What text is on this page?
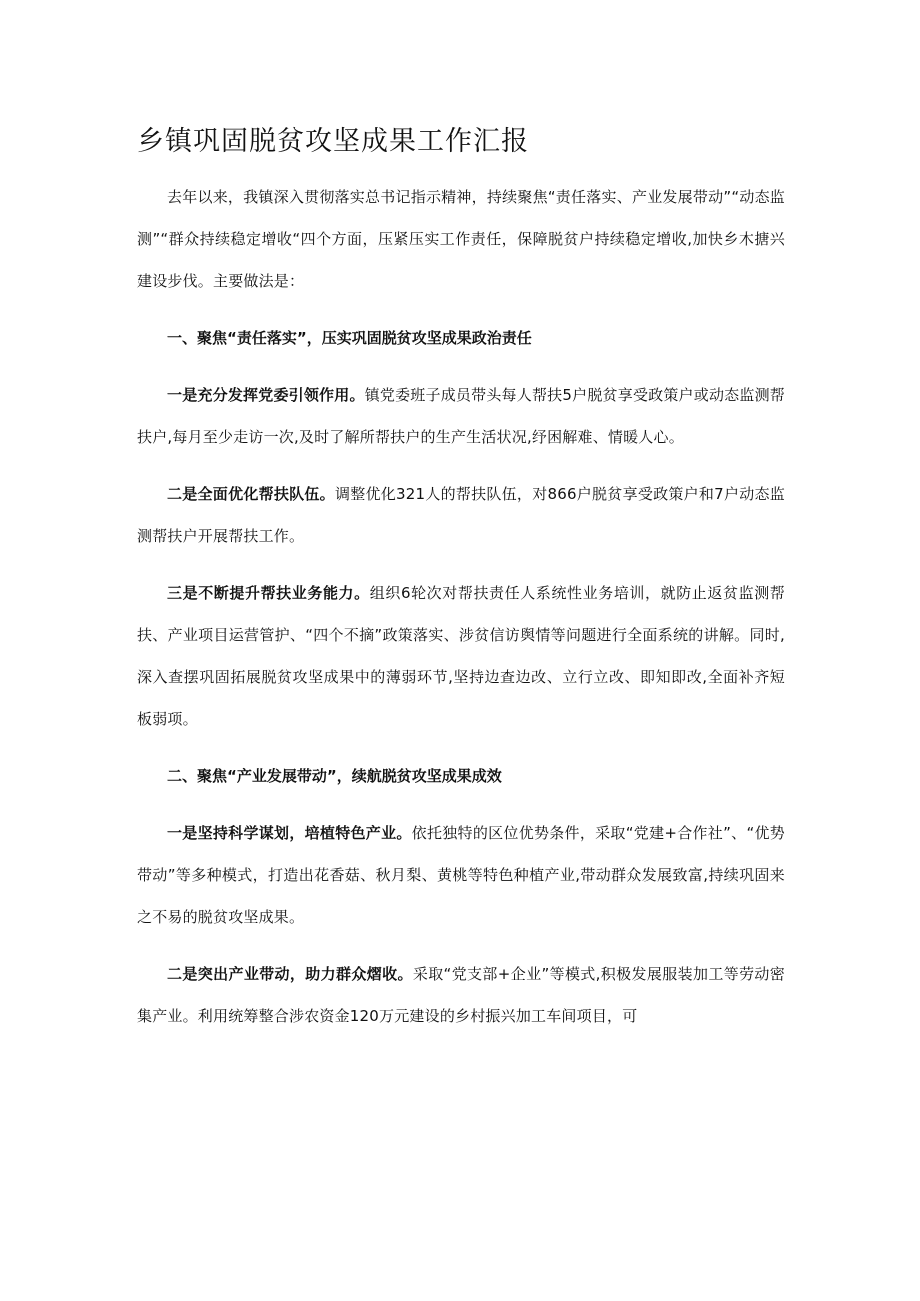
乡镇巩固脱贫攻坚成果工作汇报

去年以来，我镇深入贯彻落实总书记指示精神，持续聚焦“责任落实、产业发展带动”“动态监测”“群众持续稳定增收“四个方面，压紧压实工作责任，保障脱贫户持续稳定增收,加快乡木搪兴建设步伐。主要做法是：

一、聚焦“责任落实”，压实巩固脱贫攻坚成果政治责任

一是充分发挥党委引领作用。镇党委班子成员带头每人帮扶5户脱贫享受政策户或动态监测帮扶户,每月至少走访一次,及时了解所帮扶户的生产生活状况,纾困解难、情暖人心。

二是全面优化帮扶队伍。调整优化321人的帮扶队伍，对866户脱贫享受政策户和7户动态监测帮扶户开展帮扶工作。

三是不断提升帮扶业务能力。组织6轮次对帮扶责任人系统性业务培训，就防止返贫监测帮扶、产业项目运营管护、“四个不摘”政策落实、涉贫信访舆情等问题进行全面系统的讲解。同时,深入查摆巩固拓展脱贫攻坚成果中的薄弱环节,坚持边查边改、立行立改、即知即改,全面补齐短板弱项。

二、聚焦“产业发展带动”，续航脱贫攻坚成果成效

一是坚持科学谋划，培植特色产业。依托独特的区位优势条件，采取“党建+合作社”、“优势带动”等多种模式，打造出花香菇、秋月梨、黄桃等特色种植产业,带动群众发展致富,持续巩固来之不易的脱贫攻坚成果。

二是突出产业带动，助力群众熠收。采取“党支部+企业”等模式,积极发展服装加工等劳动密集产业。利用统筹整合涉农资金120万元建设的乡村振兴加工车间项目，可
